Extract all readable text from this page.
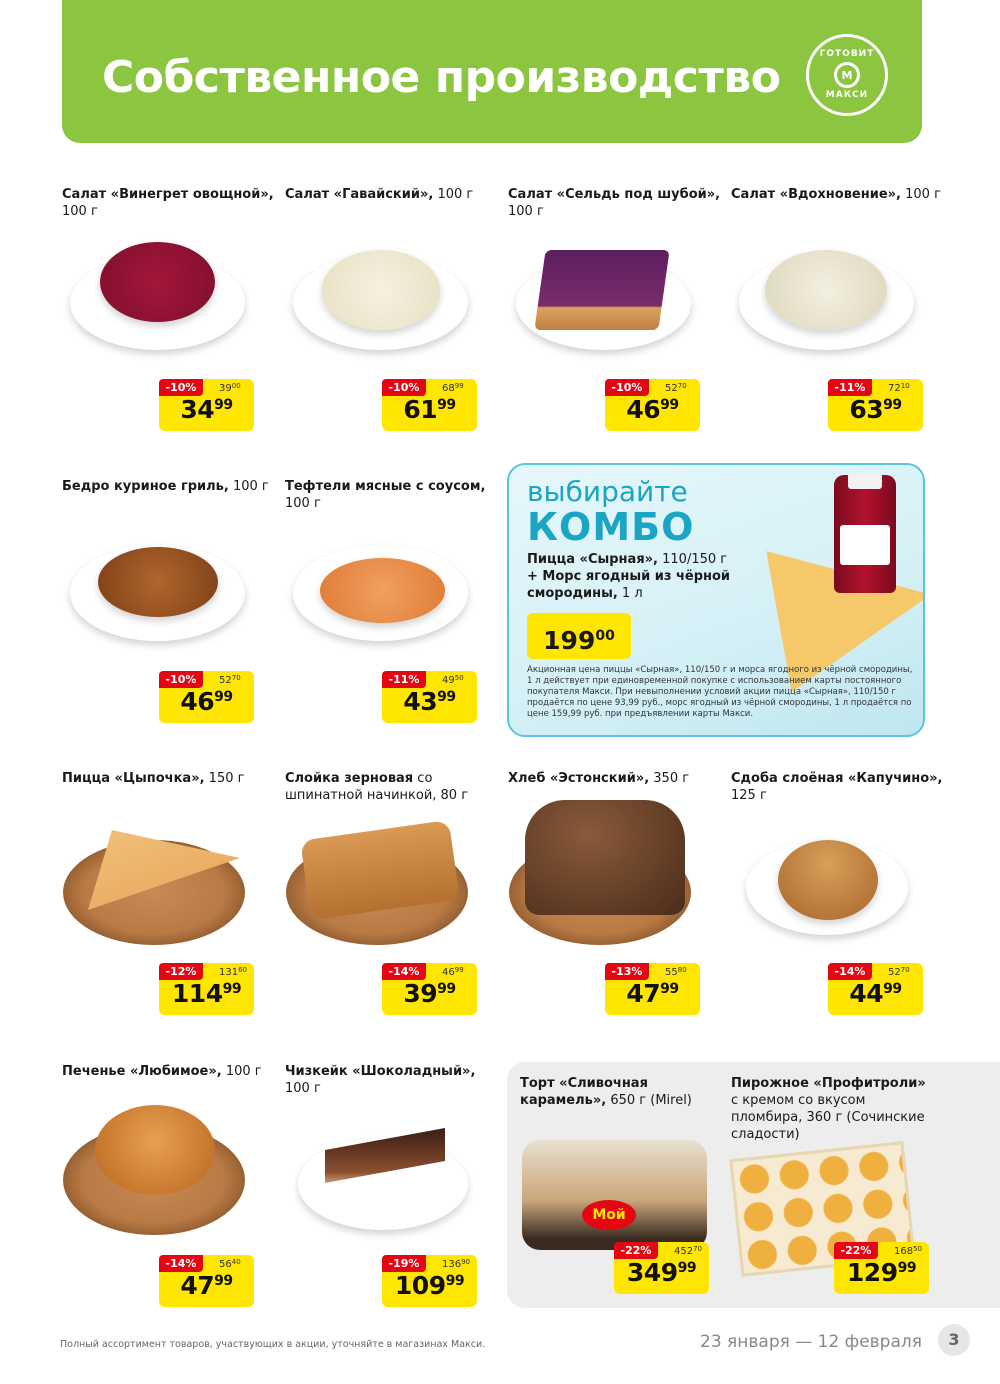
Собственное производство	ГОТОВИТ
М
МАКСИ
Салат «Винегрет овощной», 100 г
Салат «Гавайский», 100 г	Салат «Сельдь под шубой», 100 г
Салат «Вдохновение», 100 г
-10%	$39^{00}$
$34^{99}$
-10%	$68^{99}$
$61^{99}$
-10%	$52^{70}$
$46^{99}$
-11%	$72^{10}$
$63^{99}$
Бедро куриное гриль, 100 г	Тефтели мясные с соусом, 100 г
-10%	$52^{70}$
$46^{99}$
-11%	$49^{50}$
$43^{99}$
выбирайте
КОМБО
Пицца «Сырная», 110/150 г
+ Морс ягодный из чёрной смородины, 1 л
$199^{00}$
Акционная цена пиццы «Сырная», 110/150 г и морса ягодного из чёрной смородины, 1 л действует при единовременной покупке с использованием карты постоянного покупателя Макси. При невыполнении условий акции пицца «Сырная», 110/150 г продаётся по цене 93,99 руб., морс ягодный из чёрной смородины, 1 л продаётся по цене 159,99 руб. при предъявлении карты Макси.
Пицца «Цыпочка», 150 г	Слойка зерновая со шпинатной начинкой, 80 г
Хлеб «Эстонский», 350 г	Сдоба слоёная «Капучино», 125 г
-12%	$131^{60}$
$114^{99}$
-14%	$46^{99}$
$39^{99}$
-13%	$55^{80}$
$47^{99}$
-14%	$52^{70}$
$44^{99}$
Печенье «Любимое», 100 г	Чизкейк «Шоколадный», 100 г	Торт «Сливочная карамель», 650 г (Mirel)
Мой
Пирожное «Профитроли» с кремом со вкусом пломбира, 360 г (Сочинские сладости)
-14%	$56^{40}$
$47^{99}$
-19%	$136^{90}$
$109^{99}$
-22%	$452^{70}$
$349^{99}$
-22%	$168^{50}$
$129^{99}$
Полный ассортимент товаров, участвующих в акции, уточняйте в магазинах Макси.	23 января — 12 февраля	3
